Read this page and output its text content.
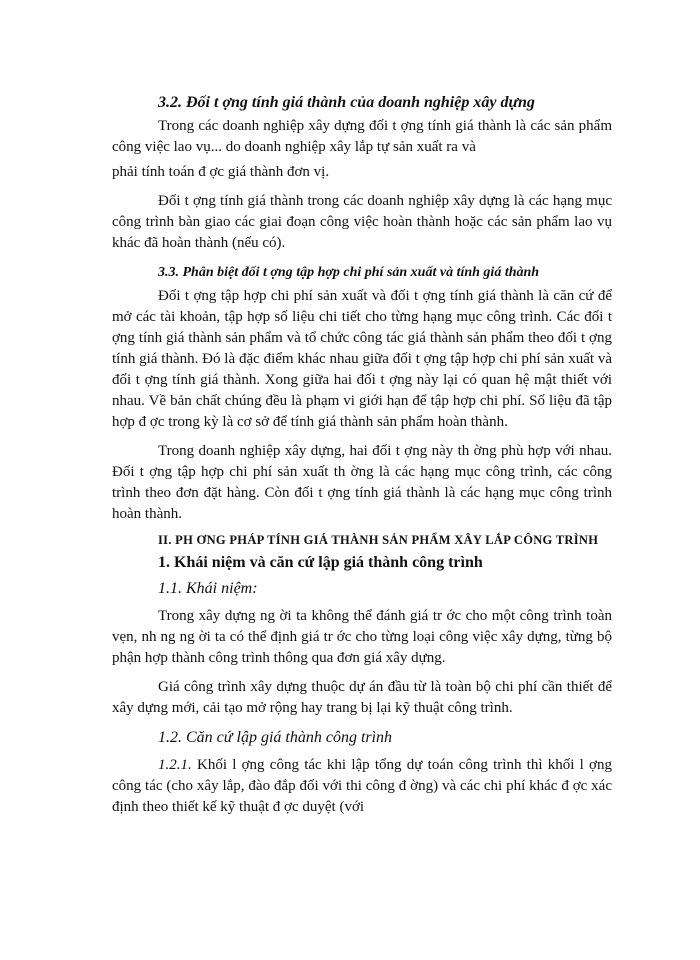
3.2. Đối t ợng tính giá thành của doanh nghiệp xây dựng

Trong các doanh nghiệp xây dựng đối t ợng tính giá thành là các sản phẩm công việc lao vụ... do doanh nghiệp xây lắp tự sản xuất ra và

phải tính toán đ ợc giá thành đơn vị.

Đối t ợng tính giá thành trong các doanh nghiệp xây dựng là các hạng mục công trình bàn giao các giai đoạn công việc hoàn thành hoặc các sản phẩm lao vụ khác đã hoàn thành (nếu có).

3.3. Phân biệt đối t ợng tập hợp chi phí sản xuất và tính giá thành

Đối t ợng tập hợp chi phí sản xuất và đối t ợng tính giá thành là căn cứ để mở các tài khoản, tập hợp số liệu chi tiết cho từng hạng mục công trình. Các đối t ợng tính giá thành sản phẩm và tổ chức công tác giá thành sản phẩm theo đối t ợng tính giá thành. Đó là đặc điểm khác nhau giữa đối t ợng tập hợp chi phí sản xuất và đối t ợng tính giá thành. Xong giữa hai đối t ợng này lại có quan hệ mật thiết với nhau. Về bản chất chúng đều là phạm vi giới hạn để tập hợp chi phí. Số liệu đã tập hợp đ ợc trong kỳ là cơ sở để tính giá thành sản phẩm hoàn thành.

Trong doanh nghiệp xây dựng, hai đối t ợng này th ờng phù hợp với nhau. Đối t ợng tập hợp chi phí sản xuất th ờng là các hạng mục công trình, các công trình theo đơn đặt hàng. Còn đối t ợng tính giá thành là các hạng mục công trình hoàn thành.

II. PH ƠNG PHÁP TÍNH GIÁ THÀNH SẢN PHẨM XÂY LẮP CÔNG TRÌNH
1. Khái niệm và căn cứ lập giá thành công trình
1.1. Khái niệm:

Trong xây dựng ng ời ta không thể đánh giá tr ớc cho một công trình toàn vẹn, nh ng ng ời ta có thể định giá tr ớc cho từng loại công việc xây dựng, từng bộ phận hợp thành công trình thông qua đơn giá xây dựng.

Giá công trình xây dựng thuộc dự án đầu từ là toàn bộ chi phí cần thiết để xây dựng mới, cải tạo mở rộng hay trang bị lại kỹ thuật công trình.

1.2. Căn cứ lập giá thành công trình

1.2.1. Khối l ợng công tác khi lập tổng dự toán công trình thì khối l ợng công tác (cho xây lắp, đào đắp đối với thi công đ ờng) và các chi phí khác đ ợc xác định theo thiết kế kỹ thuật đ ợc duyệt (với
